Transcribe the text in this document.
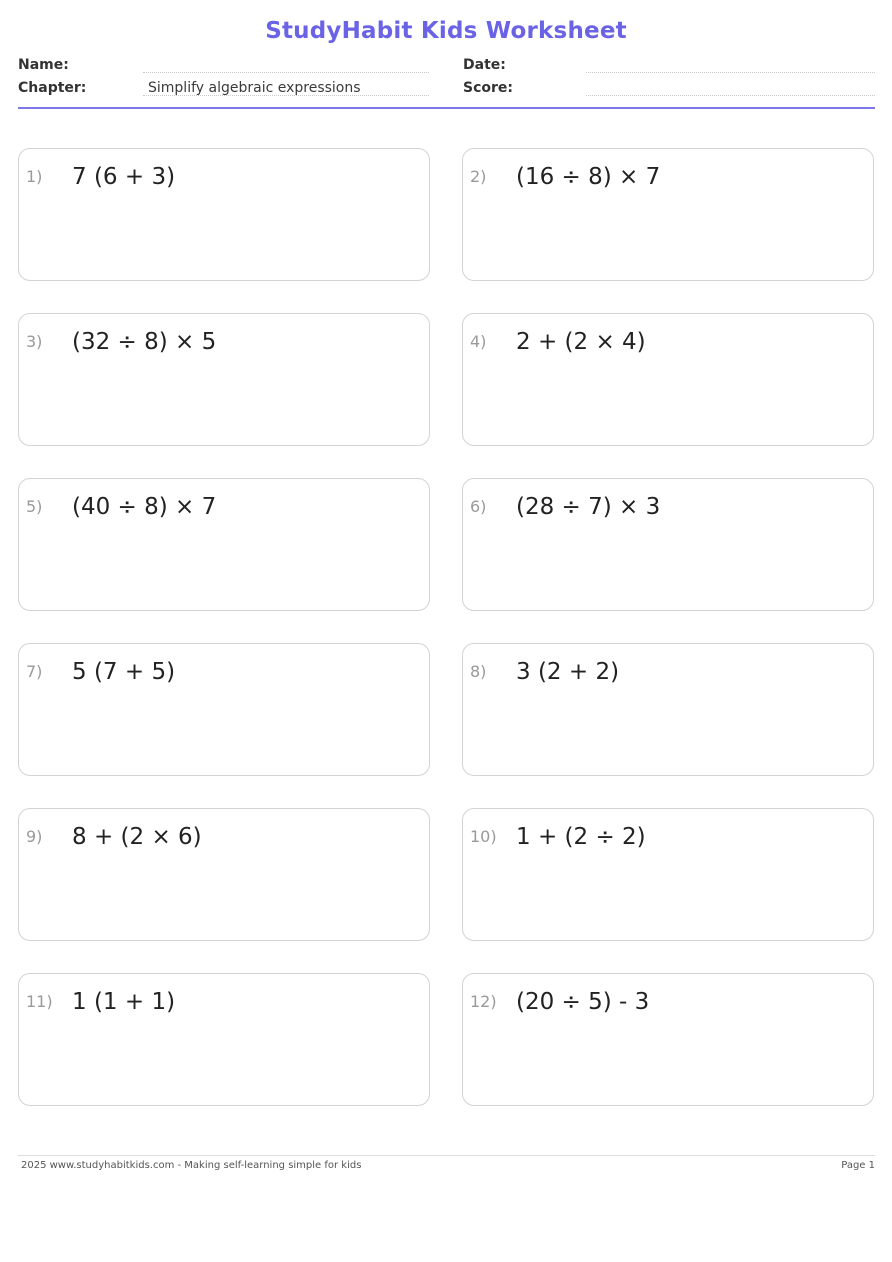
StudyHabit Kids Worksheet
Name:
Chapter:	Simplify algebraic expressions
Date:
Score:
1) 7 (6 + 3)	2) (16 ÷ 8) × 7
3) (32 ÷ 8) × 5	4) 2 + (2 × 4)
5) (40 ÷ 8) × 7	6) (28 ÷ 7) × 3
7) 5 (7 + 5)	8) 3 (2 + 2)
9) 8 + (2 × 6)	10) 1 + (2 ÷ 2)
11) 1 (1 + 1)	12) (20 ÷ 5) - 3
2025 www.studyhabitkids.com - Making self-learning simple for kids	Page 1
